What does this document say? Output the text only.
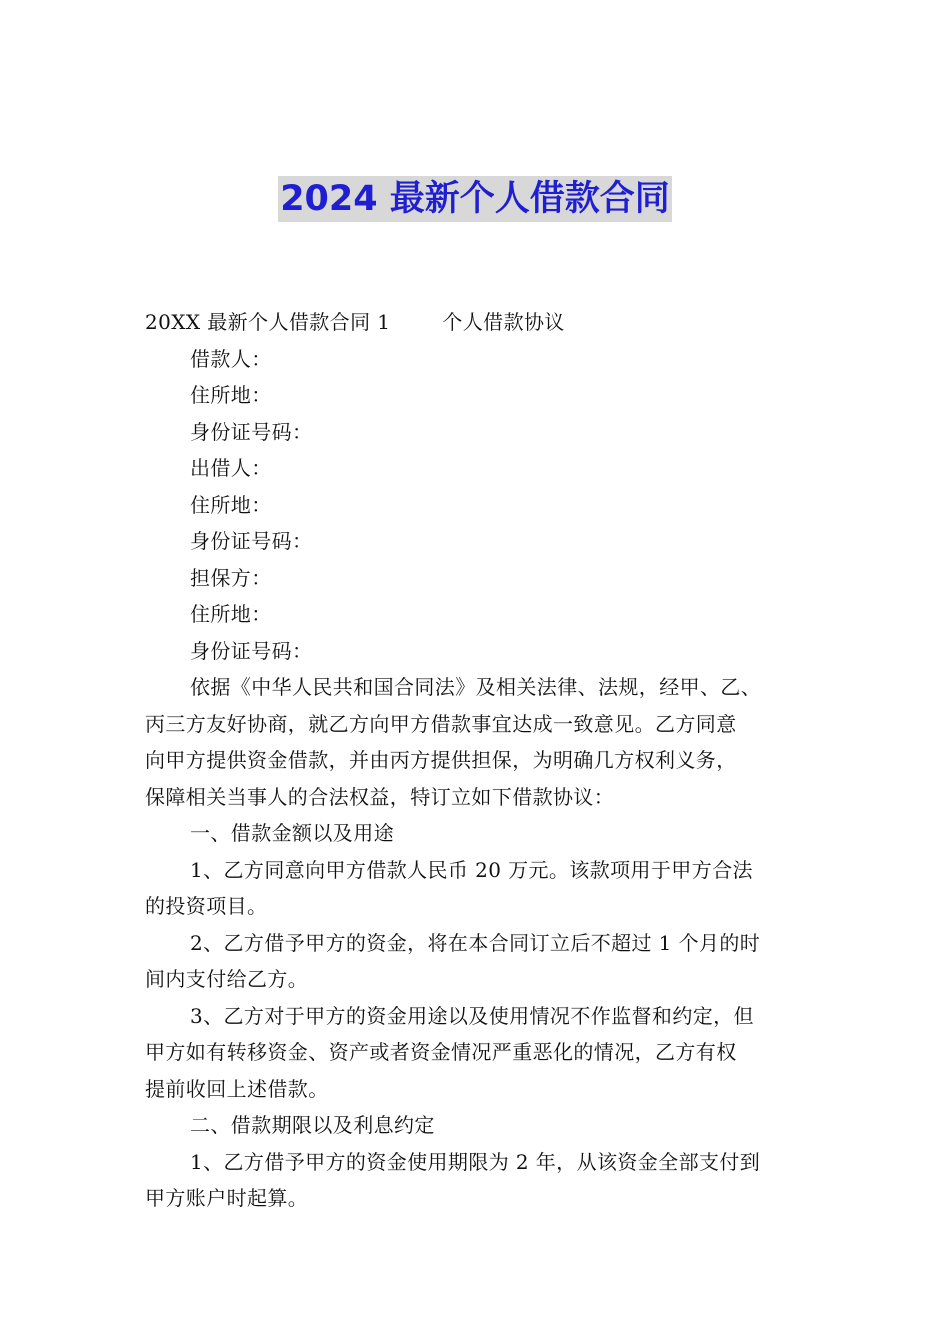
2024 最新个人借款合同

20XX 最新个人借款合同 1	个人借款协议

借款人：

住所地：

身份证号码：

出借人：

住所地：

身份证号码：

担保方：

住所地：

身份证号码：

依据《中华人民共和国合同法》及相关法律、法规，经甲、乙、

丙三方友好协商，就乙方向甲方借款事宜达成一致意见。乙方同意

向甲方提供资金借款，并由丙方提供担保，为明确几方权利义务，

保障相关当事人的合法权益，特订立如下借款协议：

一、借款金额以及用途

1、乙方同意向甲方借款人民币 20 万元。该款项用于甲方合法

的投资项目。

2、乙方借予甲方的资金，将在本合同订立后不超过 1 个月的时

间内支付给乙方。

3、乙方对于甲方的资金用途以及使用情况不作监督和约定，但

甲方如有转移资金、资产或者资金情况严重恶化的情况，乙方有权

提前收回上述借款。

二、借款期限以及利息约定

1、乙方借予甲方的资金使用期限为 2 年，从该资金全部支付到

甲方账户时起算。
